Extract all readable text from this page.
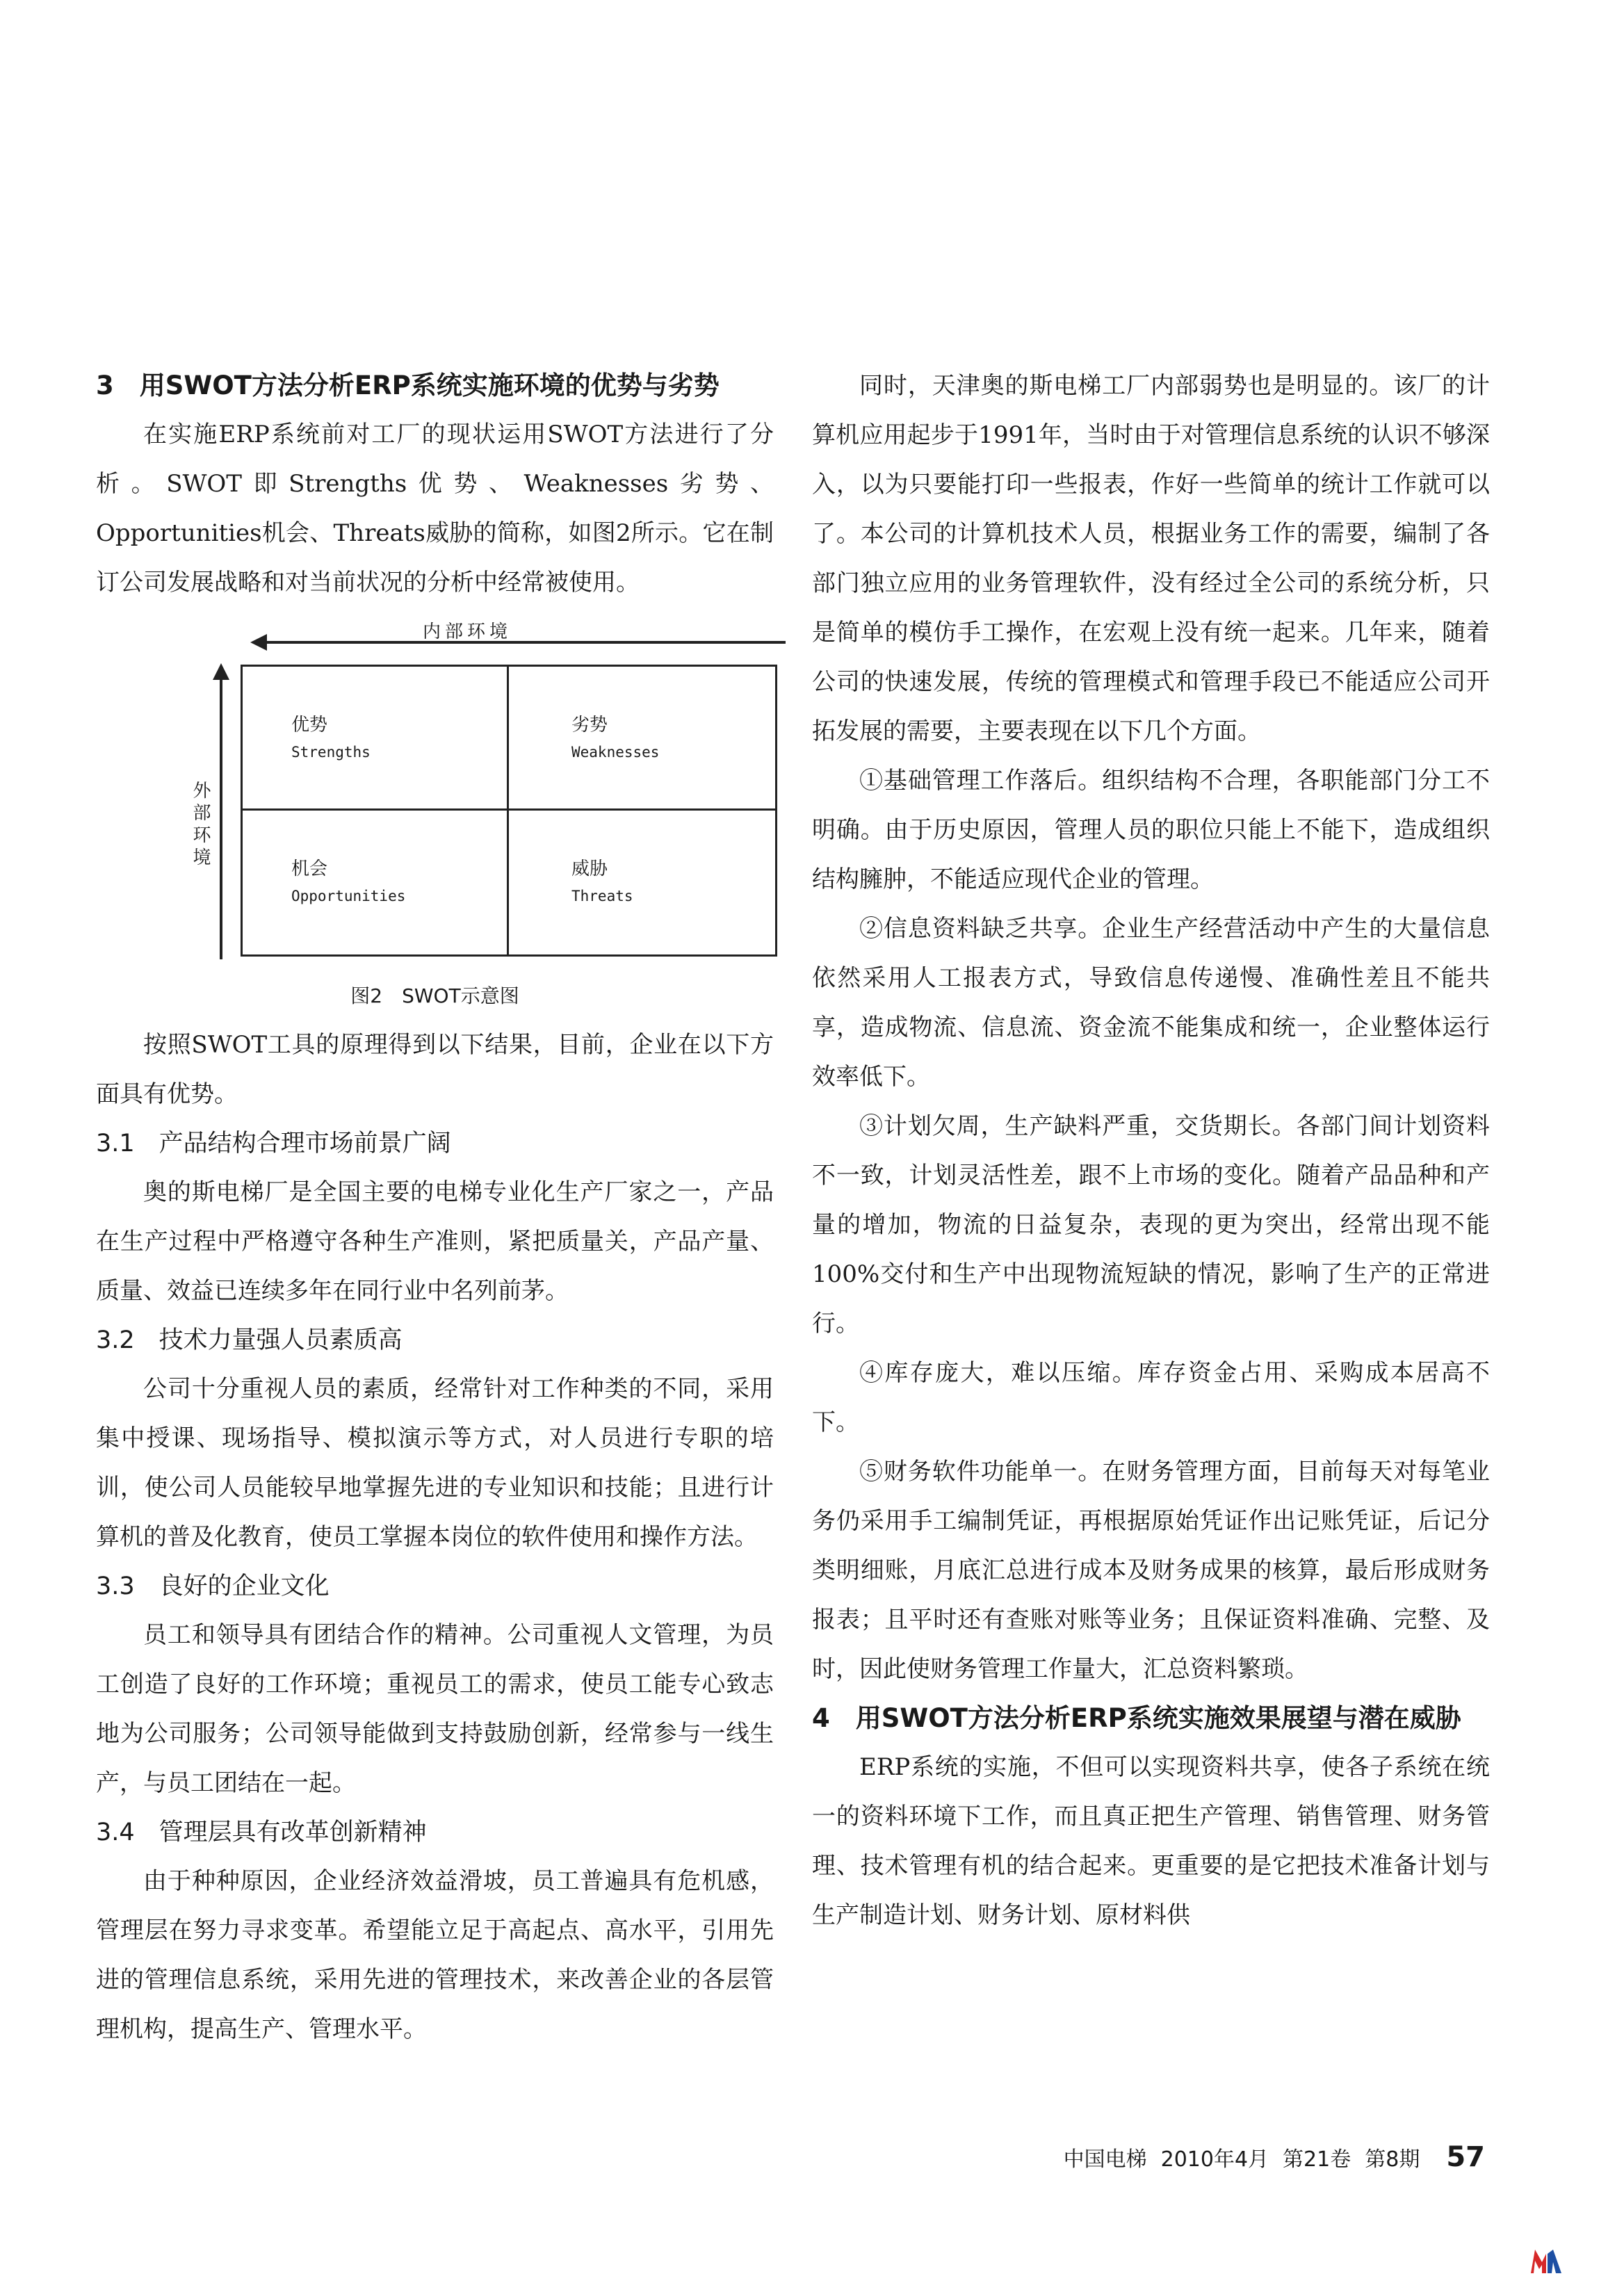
3　用SWOT方法分析ERP系统实施环境的优势与劣势

在实施ERP系统前对工厂的现状运用SWOT方法进行了分析。SWOT即Strengths优势、Weaknesses劣势、Opportunities机会、Threats威胁的简称，如图2所示。它在制订公司发展战略和对当前状况的分析中经常被使用。

内部环境
外部环境
优势
Strengths
劣势
Weaknesses
机会
Opportunities
威胁
Threats

图2　SWOT示意图

按照SWOT工具的原理得到以下结果，目前，企业在以下方面具有优势。

3.1　产品结构合理市场前景广阔

奥的斯电梯厂是全国主要的电梯专业化生产厂家之一，产品在生产过程中严格遵守各种生产准则，紧把质量关，产品产量、质量、效益已连续多年在同行业中名列前茅。

3.2　技术力量强人员素质高

公司十分重视人员的素质，经常针对工作种类的不同，采用集中授课、现场指导、模拟演示等方式，对人员进行专职的培训，使公司人员能较早地掌握先进的专业知识和技能；且进行计算机的普及化教育，使员工掌握本岗位的软件使用和操作方法。

3.3　良好的企业文化

员工和领导具有团结合作的精神。公司重视人文管理，为员工创造了良好的工作环境；重视员工的需求，使员工能专心致志地为公司服务；公司领导能做到支持鼓励创新，经常参与一线生产，与员工团结在一起。

3.4　管理层具有改革创新精神

由于种种原因，企业经济效益滑坡，员工普遍具有危机感，管理层在努力寻求变革。希望能立足于高起点、高水平，引用先进的管理信息系统，采用先进的管理技术，来改善企业的各层管理机构，提高生产、管理水平。

同时，天津奥的斯电梯工厂内部弱势也是明显的。该厂的计算机应用起步于1991年，当时由于对管理信息系统的认识不够深入，以为只要能打印一些报表，作好一些简单的统计工作就可以了。本公司的计算机技术人员，根据业务工作的需要，编制了各部门独立应用的业务管理软件，没有经过全公司的系统分析，只是简单的模仿手工操作，在宏观上没有统一起来。几年来，随着公司的快速发展，传统的管理模式和管理手段已不能适应公司开拓发展的需要，主要表现在以下几个方面。

①基础管理工作落后。组织结构不合理，各职能部门分工不明确。由于历史原因，管理人员的职位只能上不能下，造成组织结构臃肿，不能适应现代企业的管理。

②信息资料缺乏共享。企业生产经营活动中产生的大量信息依然采用人工报表方式，导致信息传递慢、准确性差且不能共享，造成物流、信息流、资金流不能集成和统一，企业整体运行效率低下。

③计划欠周，生产缺料严重，交货期长。各部门间计划资料不一致，计划灵活性差，跟不上市场的变化。随着产品品种和产量的增加，物流的日益复杂，表现的更为突出，经常出现不能100%交付和生产中出现物流短缺的情况，影响了生产的正常进行。

④库存庞大，难以压缩。库存资金占用、采购成本居高不下。

⑤财务软件功能单一。在财务管理方面，目前每天对每笔业务仍采用手工编制凭证，再根据原始凭证作出记账凭证，后记分类明细账，月底汇总进行成本及财务成果的核算，最后形成财务报表；且平时还有查账对账等业务；且保证资料准确、完整、及时，因此使财务管理工作量大，汇总资料繁琐。

4　用SWOT方法分析ERP系统实施效果展望与潜在威胁

ERP系统的实施，不但可以实现资料共享，使各子系统在统一的资料环境下工作，而且真正把生产管理、销售管理、财务管理、技术管理有机的结合起来。更重要的是它把技术准备计划与生产制造计划、财务计划、原材料供

中国电梯 2010年4月 第21卷 第8期 57
